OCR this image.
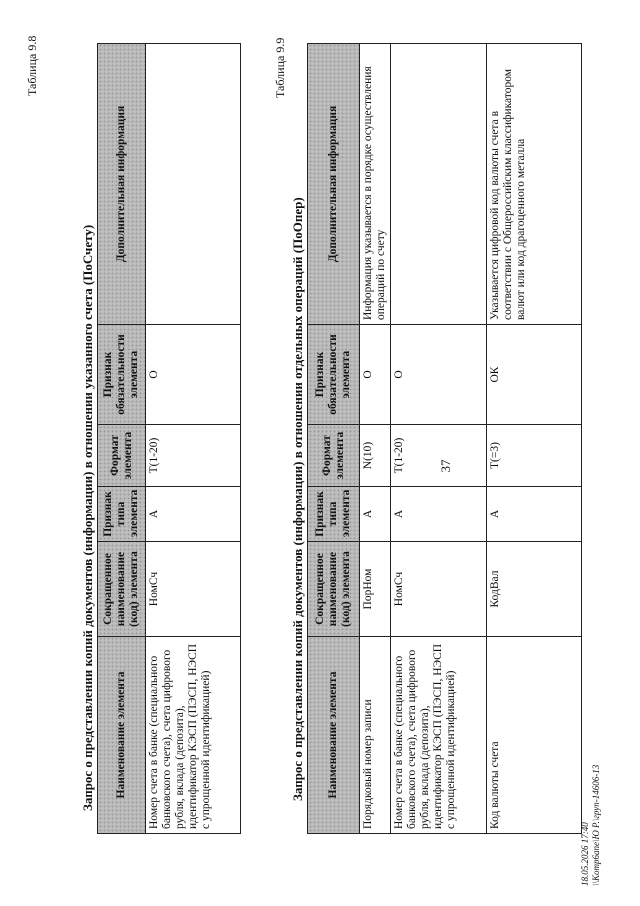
37
Таблица 9.8
Запрос о представлении копий документов (информации) в отношении указанного счета (ПоСчету) Наименование элемента	Сокращенное наименование (код) элемента	Признак типа элемента	Формат элемента	Признак обязательности элемента	Дополнительная информация
Номер счета в банке (специального банковского счета), счета цифрового рубля, вклада (депозита), идентификатор КЭСП (ПЭСП, НЭСП с упрощенной идентификацией)	НомСч	А	Т(1-20)	О	
Таблица 9.9
Запрос о представлении копий документов (информации) в отношении отдельных операций (ПоОпер) Наименование элемента	Сокращенное наименование (код) элемента	Признак типа элемента	Формат элемента	Признак обязательности элемента	Дополнительная информация
Порядковый номер записи	ПорНом	А	N(10)	О	Информация указывается в порядке осуществления операций по счету
Номер счета в банке (специального банковского счета), счета цифрового рубля, вклада (депозита), идентификатор КЭСП (ПЭСП, НЭСП с упрощенной идентификацией)	НомСч	А	Т(1-20)	О	
Код валюты счета	КодВал	А	Т(=3)	ОК	Указывается цифровой код валюты счета в соответствии с Общероссийским классификатором валют или код драгоценного металла
18.05.2026 17:40 \\Komp6ane\Ю Р.\груп-14606-13
